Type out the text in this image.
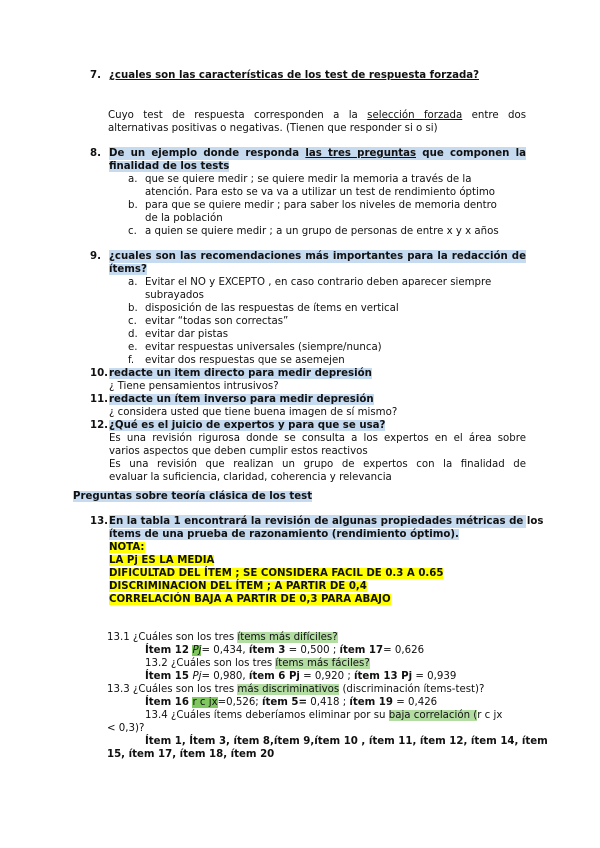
7. ¿cuales son las características de los test de respuesta forzada?
Cuyo test de respuesta corresponden a la selección forzada entre dos
alternativas positivas o negativas. (Tienen que responder si o si)
8. De un ejemplo donde responda las tres preguntas que componen la
finalidad de los tests
a. que se quiere medir ; se quiere medir la memoria a través de la
atención. Para esto se va va a utilizar un test de rendimiento óptimo
b. para que se quiere medir ; para saber los niveles de memoria dentro
de la población
c. a quien se quiere medir ; a un grupo de personas de entre x y x años
9. ¿cuales son las recomendaciones más importantes para la redacción de
ítems?
a. Evitar el NO y EXCEPTO , en caso contrario deben aparecer siempre
subrayados
b. disposición de las respuestas de ítems en vertical
c. evitar “todas son correctas”
d. evitar dar pistas
e. evitar respuestas universales (siempre/nunca)
f. evitar dos respuestas que se asemejen
10.redacte un item directo para medir depresión
¿ Tiene pensamientos intrusivos?
11.redacte un ítem inverso para medir depresión
¿ considera usted que tiene buena imagen de sí mismo?
12.¿Qué es el juicio de expertos y para que se usa?
Es una revisión rigurosa donde se consulta a los expertos en el área sobre
varios aspectos que deben cumplir estos reactivos
Es una revisión que realizan un grupo de expertos con la finalidad de
evaluar la suficiencia, claridad, coherencia y relevancia
Preguntas sobre teoría clásica de los test
13.En la tabla 1 encontrará la revisión de algunas propiedades métricas de los
ítems de una prueba de razonamiento (rendimiento óptimo).
NOTA:
LA Pj ES LA MEDIA
DIFICULTAD DEL ÍTEM ; SE CONSIDERA FACIL DE 0.3 A 0.65
DISCRIMINACION DEL ÍTEM ; A PARTIR DE 0,4
CORRELACIÓN BAJA A PARTIR DE 0,3 PARA ABAJO
13.1 ¿Cuáles son los tres ítems más difíciles?
Ítem 12 Pj= 0,434, ítem 3 = 0,500 ; ítem 17= 0,626
13.2 ¿Cuáles son los tres ítems más fáciles?
Ítem 15 Pj= 0,980, ítem 6 Pj = 0,920 ; ítem 13 Pj = 0,939
13.3 ¿Cuáles son los tres más discriminativos (discriminación ítems-test)?
Ítem 16 r c jx=0,526; ítem 5= 0,418 ; ítem 19 = 0,426
13.4 ¿Cuáles ítems deberíamos eliminar por su baja correlación (r c jx
< 0,3)?
Ítem 1, Ítem 3, ítem 8,ítem 9,ítem 10 , ítem 11, ítem 12, ítem 14, ítem
15, ítem 17, ítem 18, ítem 20
